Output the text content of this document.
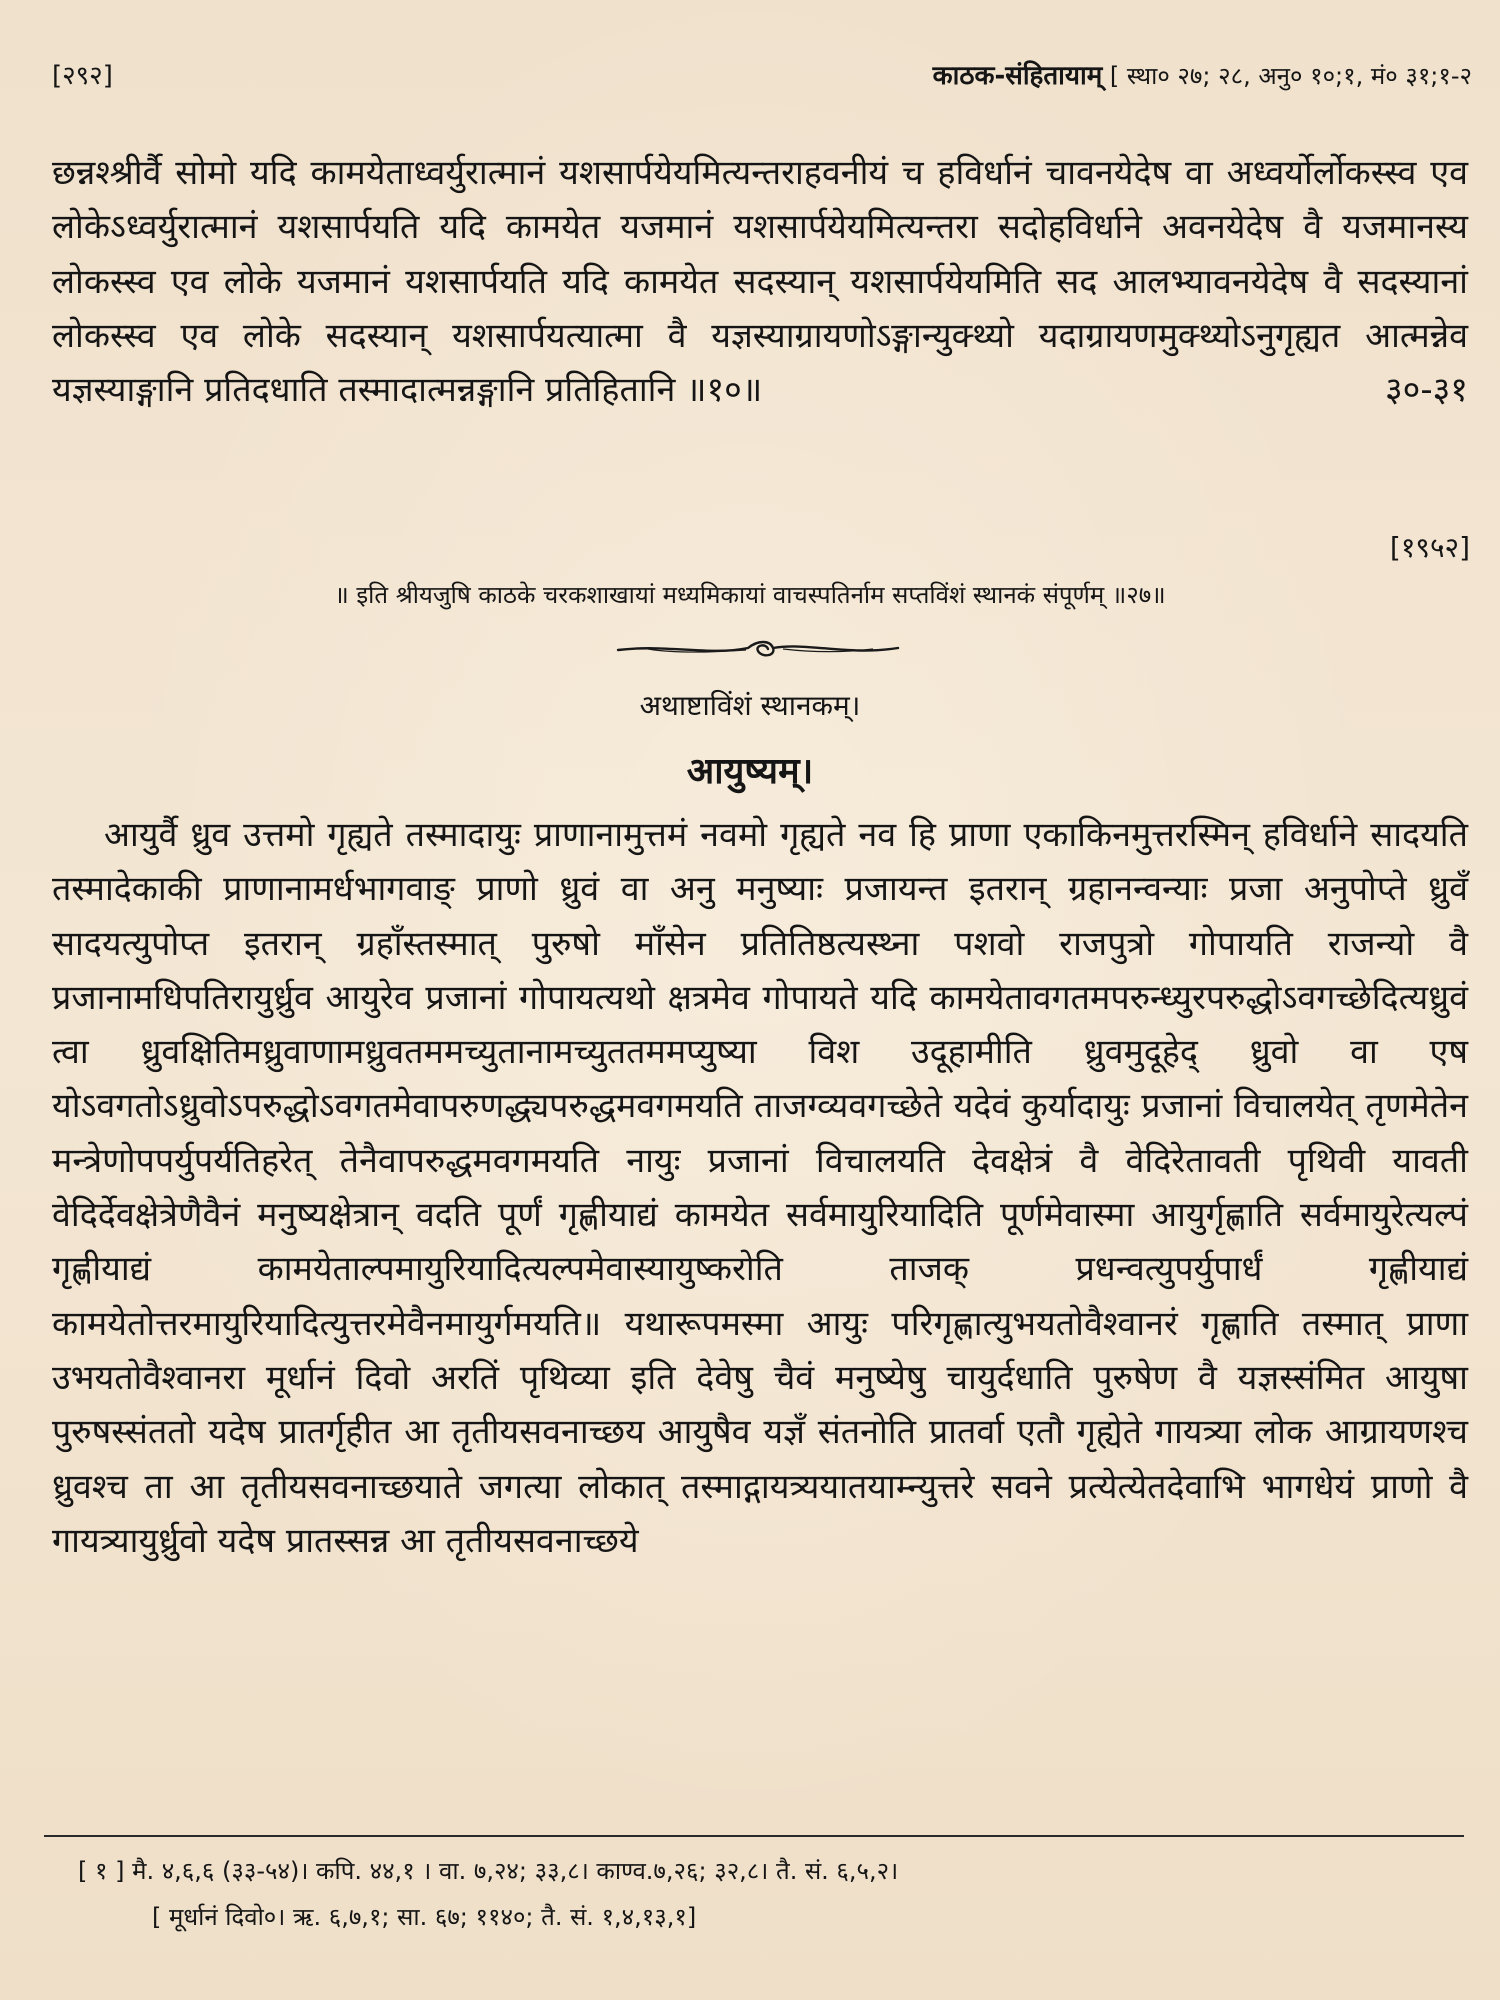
[२९२]	काठक-संहितायाम् [ स्था० २७; २८, अनु० १०;१, मं० ३१;१-२
छन्नश्श्रीर्वै सोमो यदि कामयेताध्वर्युरात्मानं यशसार्पयेयमित्यन्तराहवनीयं च हविर्धानं चावनयेदेष वा अध्वर्योर्लोकस्स्व एव लोकेऽध्वर्युरात्मानं यशसार्पयति यदि कामयेत यजमानं यशसार्पयेयमित्यन्तरा सदोहविर्धाने अवनयेदेष वै यजमानस्य लोकस्स्व एव लोके यजमानं यशसार्पयति यदि कामयेत सदस्यान् यशसार्पयेयमिति सद आलभ्यावनयेदेष वै सदस्यानां लोकस्स्व एव लोके सदस्यान् यशसार्पयत्यात्मा वै यज्ञस्याग्रायणोऽङ्गान्युक्थ्यो यदाग्रायणमुक्थ्योऽनुगृह्यत आत्मन्नेव यज्ञस्याङ्गानि प्रतिदधाति तस्मादात्मन्नङ्गानि प्रतिहितानि ॥१०॥	३०-३१
[१९५२]
॥ इति श्रीयजुषि काठके चरकशाखायां मध्यमिकायां वाचस्पतिर्नाम सप्तविंशं स्थानकं संपूर्णम् ॥२७॥
अथाष्टाविंशं स्थानकम्।
आयुष्यम्।
आयुर्वै ध्रुव उत्तमो गृह्यते तस्मादायुः प्राणानामुत्तमं नवमो गृह्यते नव हि प्राणा एकाकिनमुत्तरस्मिन् हविर्धाने सादयति तस्मादेकाकी प्राणानामर्धभागवाङ् प्राणो ध्रुवं वा अनु मनुष्याः प्रजायन्त इतरान् ग्रहानन्वन्याः प्रजा अनुपोप्ते ध्रुवँ सादयत्युपोप्त इतरान् ग्रहाँस्तस्मात् पुरुषो माँसेन प्रतितिष्ठत्यस्थ्ना पशवो राजपुत्रो गोपायति राजन्यो वै प्रजानामधिपतिरायुर्ध्रुव आयुरेव प्रजानां गोपायत्यथो क्षत्रमेव गोपायते यदि कामयेतावगतमपरुन्ध्युरपरुद्धोऽवगच्छेदित्यध्रुवं त्वा ध्रुवक्षितिमध्रुवाणामध्रुवतममच्युतानामच्युततममप्युष्या विश उदूहामीति ध्रुवमुदूहेद् ध्रुवो वा एष योऽवगतोऽध्रुवोऽपरुद्धोऽवगतमेवापरुणद्ध्यपरुद्धमवगमयति ताजग्व्यवगच्छेते यदेवं कुर्यादायुः प्रजानां विचालयेत् तृणमेतेन मन्त्रेणोपपर्युपर्यतिहरेत् तेनैवापरुद्धमवगमयति नायुः प्रजानां विचालयति देवक्षेत्रं वै वेदिरेतावती पृथिवी यावती वेदिर्देवक्षेत्रेणैवैनं मनुष्यक्षेत्रान् वदति पूर्णं गृह्णीयाद्यं कामयेत सर्वमायुरियादिति पूर्णमेवास्मा आयुर्गृह्णाति सर्वमायुरेत्यल्पं गृह्णीयाद्यं कामयेताल्पमायुरियादित्यल्पमेवास्यायुष्करोति ताजक् प्रधन्वत्युपर्युपार्धं गृह्णीयाद्यं कामयेतोत्तरमायुरियादित्युत्तरमेवैनमायुर्गमयति॥ यथारूपमस्मा आयुः परिगृह्णात्युभयतोवैश्वानरं गृह्णाति तस्मात् प्राणा उभयतोवैश्वानरा मूर्धानं दिवो अरतिं पृथिव्या इति देवेषु चैवं मनुष्येषु चायुर्दधाति पुरुषेण वै यज्ञस्संमित आयुषा पुरुषस्संततो यदेष प्रातर्गृहीत आ तृतीयसवनाच्छय आयुषैव यज्ञँ संतनोति प्रातर्वा एतौ गृह्येते गायत्र्या लोक आग्रायणश्च ध्रुवश्च ता आ तृतीयसवनाच्छयाते जगत्या लोकात् तस्माद्गायत्र्ययातयाम्न्युत्तरे सवने प्रत्येत्येतदेवाभि भागधेयं प्राणो वै गायत्र्यायुर्ध्रुवो यदेष प्रातस्सन्न आ तृतीयसवनाच्छये
[ १ ] मै. ४,६,६ (३३-५४)। कपि. ४४,१ । वा. ७,२४; ३३,८। काण्व.७,२६; ३२,८। तै. सं. ६,५,२।
[ मूर्धानं दिवो०। ऋ. ६,७,१; सा. ६७; ११४०; तै. सं. १,४,१३,१]
